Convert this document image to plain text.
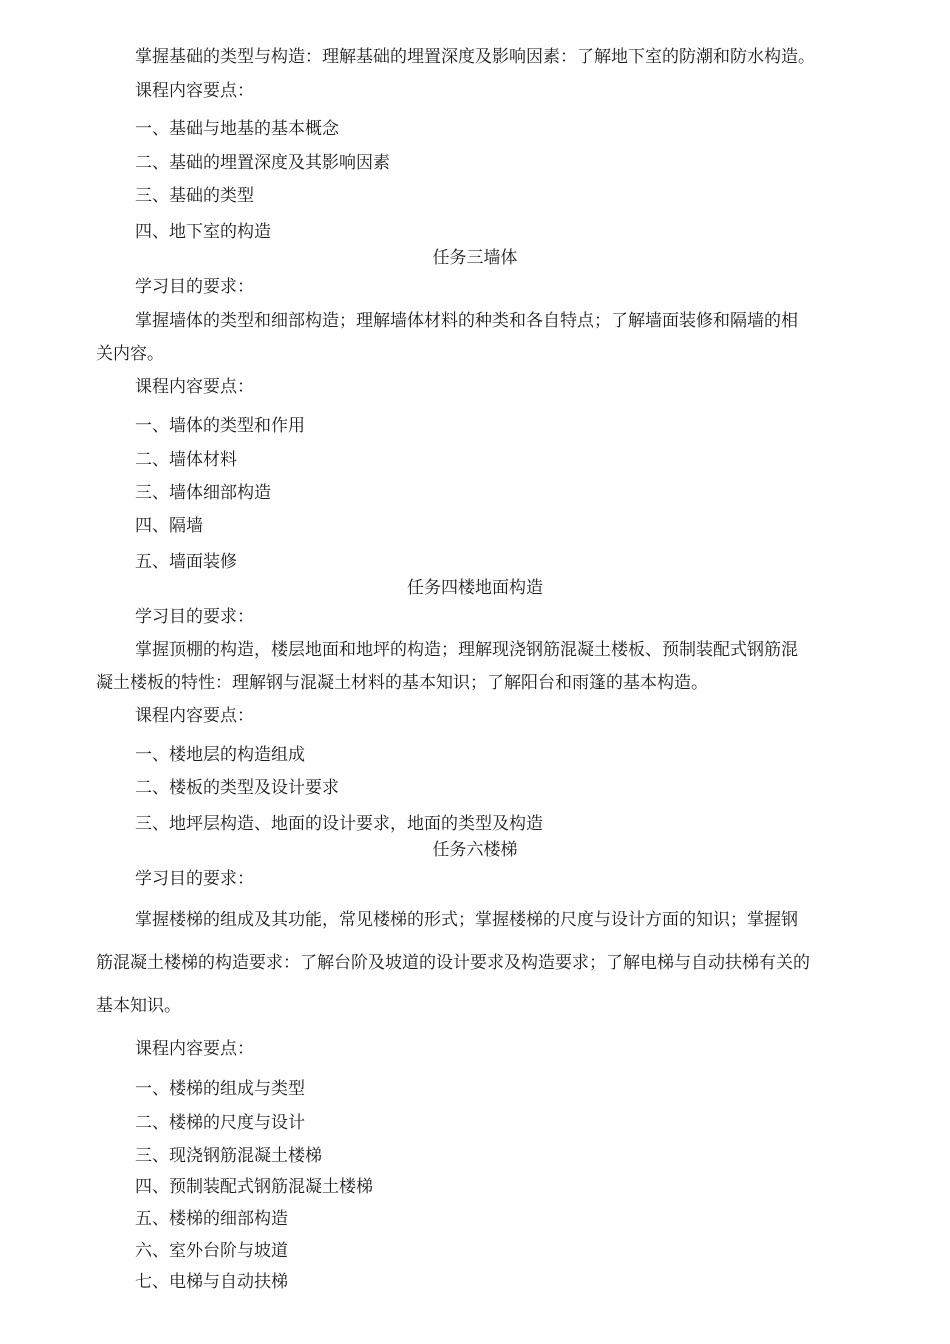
掌握基础的类型与构造：理解基础的埋置深度及影响因素：了解地下室的防潮和防水构造。
课程内容要点：
一、基础与地基的基本概念
二、基础的埋置深度及其影响因素
三、基础的类型
四、地下室的构造
任务三墙体
学习目的要求：
掌握墙体的类型和细部构造；理解墙体材料的种类和各自特点；了解墙面装修和隔墙的相
关内容。
课程内容要点：
一、墙体的类型和作用
二、墙体材料
三、墙体细部构造
四、隔墙
五、墙面装修
任务四楼地面构造
学习目的要求：
掌握顶棚的构造，楼层地面和地坪的构造；理解现浇钢筋混凝土楼板、预制装配式钢筋混
凝土楼板的特性：理解钢与混凝土材料的基本知识；了解阳台和雨篷的基本构造。
课程内容要点：
一、楼地层的构造组成
二、楼板的类型及设计要求
三、地坪层构造、地面的设计要求，地面的类型及构造
任务六楼梯
学习目的要求：
掌握楼梯的组成及其功能，常见楼梯的形式；掌握楼梯的尺度与设计方面的知识；掌握钢
筋混凝土楼梯的构造要求：了解台阶及坡道的设计要求及构造要求；了解电梯与自动扶梯有关的
基本知识。
课程内容要点：
一、楼梯的组成与类型
二、楼梯的尺度与设计
三、现浇钢筋混凝土楼梯
四、预制装配式钢筋混凝土楼梯
五、楼梯的细部构造
六、室外台阶与坡道
七、电梯与自动扶梯
